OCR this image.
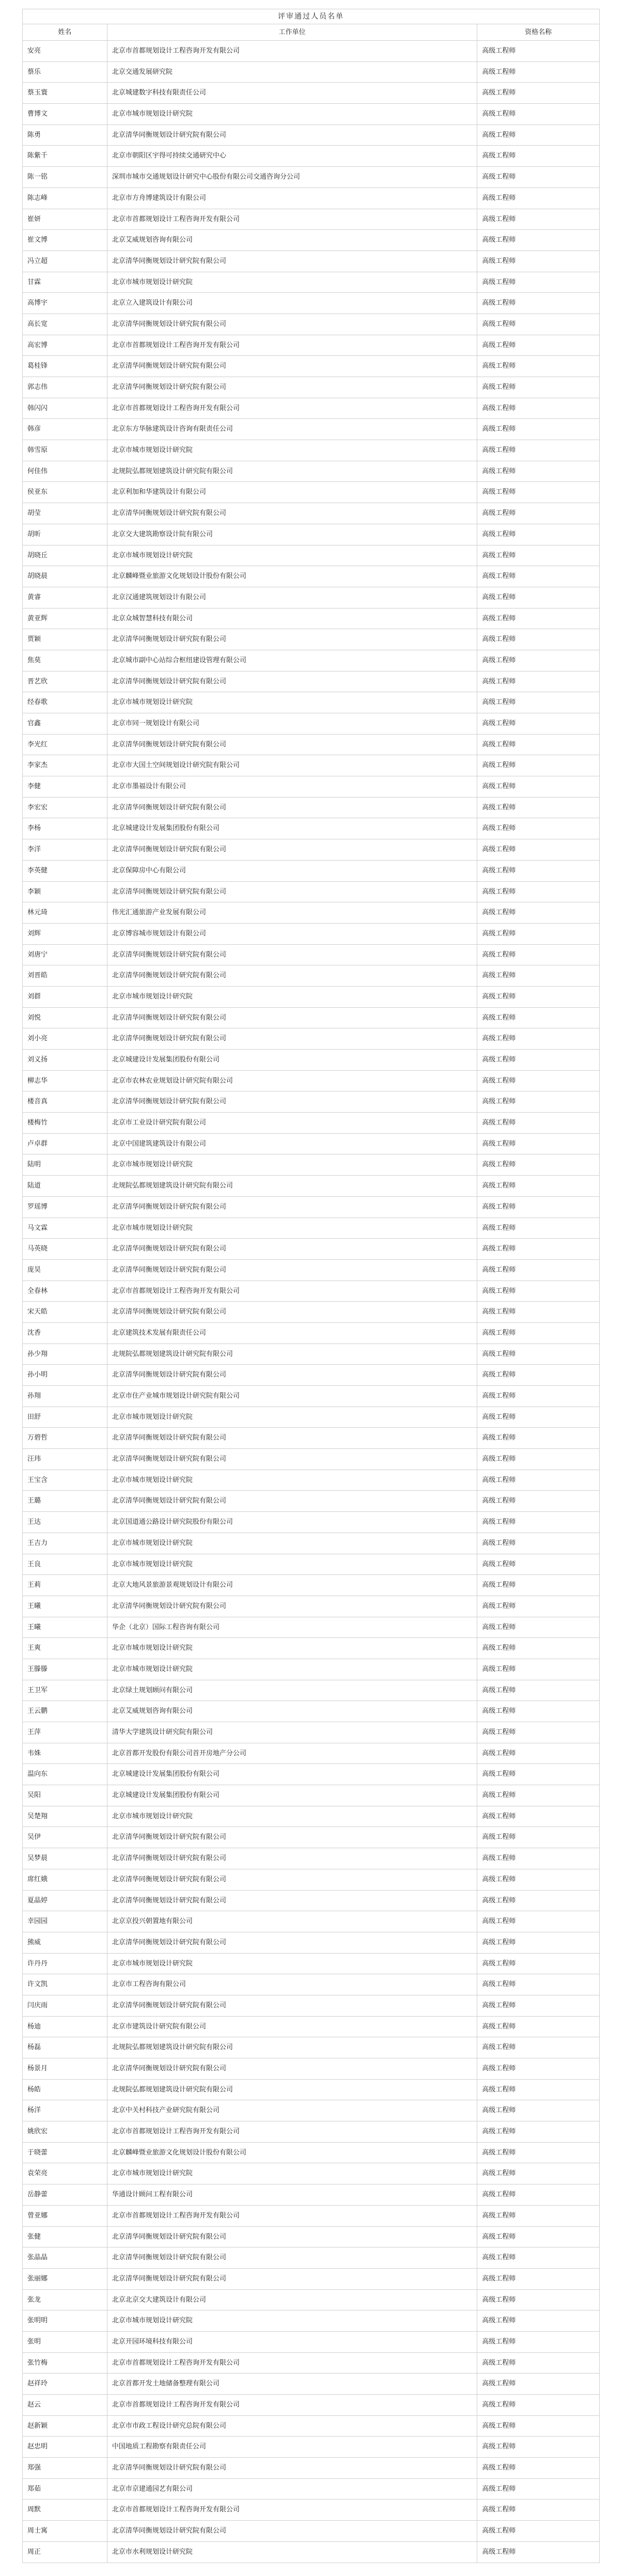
评审通过人员名单
姓名	工作单位	资格名称
安亮	北京市首都规划设计工程咨询开发有限公司	高级工程师
蔡乐	北京交通发展研究院	高级工程师
蔡玉寰	北京城建数字科技有限责任公司	高级工程师
曹博文	北京市城市规划设计研究院	高级工程师
陈勇	北京清华同衡规划设计研究院有限公司	高级工程师
陈紫千	北京市朝阳区宇得可持续交通研究中心	高级工程师
陈一铭	深圳市城市交通规划设计研究中心股份有限公司交通咨询分公司	高级工程师
陈志峰	北京市方舟博建筑设计有限公司	高级工程师
崔妍	北京市首都规划设计工程咨询开发有限公司	高级工程师
崔文博	北京艾威规划咨询有限公司	高级工程师
冯立超	北京清华同衡规划设计研究院有限公司	高级工程师
甘霖	北京市城市规划设计研究院	高级工程师
高博宇	北京立入建筑设计有限公司	高级工程师
高长宽	北京清华同衡规划设计研究院有限公司	高级工程师
高宏博	北京市首都规划设计工程咨询开发有限公司	高级工程师
葛桂锋	北京清华同衡规划设计研究院有限公司	高级工程师
郭志伟	北京清华同衡规划设计研究院有限公司	高级工程师
韩闪闪	北京市首都规划设计工程咨询开发有限公司	高级工程师
韩彦	北京东方华脉建筑设计咨询有限责任公司	高级工程师
韩雪原	北京市城市规划设计研究院	高级工程师
何佳伟	北规院弘都规划建筑设计研究院有限公司	高级工程师
侯亚东	北京利加和华建筑设计有限公司	高级工程师
胡莹	北京清华同衡规划设计研究院有限公司	高级工程师
胡昕	北京交大建筑勘察设计院有限公司	高级工程师
胡晓丘	北京市城市规划设计研究院	高级工程师
胡晓晨	北京麟峰暨业旅游文化规划设计股份有限公司	高级工程师
黄睿	北京汉通建筑规划设计有限公司	高级工程师
黄亚辉	北京众城智慧科技有限公司	高级工程师
贾颖	北京清华同衡规划设计研究院有限公司	高级工程师
焦莫	北京城市副中心站综合枢纽建设管理有限公司	高级工程师
晋艺欣	北京清华同衡规划设计研究院有限公司	高级工程师
经春歌	北京市城市规划设计研究院	高级工程师
官鑫	北京市同一规划设计有限公司	高级工程师
李光红	北京清华同衡规划设计研究院有限公司	高级工程师
李家杰	北京市大国土空间规划设计研究院有限公司	高级工程师
李健	北京市墨福设计有限公司	高级工程师
李宏宏	北京清华同衡规划设计研究院有限公司	高级工程师
李杨	北京城建设计发展集团股份有限公司	高级工程师
李洋	北京清华同衡规划设计研究院有限公司	高级工程师
李英健	北京保障房中心有限公司	高级工程师
李颖	北京清华同衡规划设计研究院有限公司	高级工程师
林元琦	伟光汇通旅游产业发展有限公司	高级工程师
刘辉	北京博容城市规划设计有限公司	高级工程师
刘唐宁	北京清华同衡规划设计研究院有限公司	高级工程师
刘晋皓	北京清华同衡规划设计研究院有限公司	高级工程师
刘群	北京市城市规划设计研究院	高级工程师
刘悦	北京清华同衡规划设计研究院有限公司	高级工程师
刘小亮	北京清华同衡规划设计研究院有限公司	高级工程师
刘义扬	北京城建设计发展集团股份有限公司	高级工程师
柳志华	北京市农林农业规划设计研究院有限公司	高级工程师
楼音真	北京清华同衡规划设计研究院有限公司	高级工程师
楼梅竹	北京市工业设计研究院有限公司	高级工程师
卢卓群	北京中国建筑建筑设计有限公司	高级工程师
陆明	北京市城市规划设计研究院	高级工程师
陆道	北规院弘都规划建筑设计研究院有限公司	高级工程师
罗瑶博	北京清华同衡规划设计研究院有限公司	高级工程师
马文霖	北京市城市规划设计研究院	高级工程师
马英晓	北京清华同衡规划设计研究院有限公司	高级工程师
庞昊	北京清华同衡规划设计研究院有限公司	高级工程师
全春林	北京市首都规划设计工程咨询开发有限公司	高级工程师
宋天皓	北京清华同衡规划设计研究院有限公司	高级工程师
沈香	北京建筑技术发展有限责任公司	高级工程师
孙少翔	北规院弘都规划建筑设计研究院有限公司	高级工程师
孙小明	北京清华同衡规划设计研究院有限公司	高级工程师
孙翔	北京市住产业城市规划设计研究院有限公司	高级工程师
田舒	北京市城市规划设计研究院	高级工程师
万碧哲	北京清华同衡规划设计研究院有限公司	高级工程师
汪玮	北京清华同衡规划设计研究院有限公司	高级工程师
王宝含	北京市城市规划设计研究院	高级工程师
王璐	北京清华同衡规划设计研究院有限公司	高级工程师
王达	北京国道通公路设计研究院股份有限公司	高级工程师
王吉力	北京市城市规划设计研究院	高级工程师
王良	北京市城市规划设计研究院	高级工程师
王莉	北京大地风景旅游景观规划设计有限公司	高级工程师
王曦	北京清华同衡规划设计研究院有限公司	高级工程师
王曦	华企（北京）国际工程咨询有限公司	高级工程师
王爽	北京市城市规划设计研究院	高级工程师
王滕滕	北京市城市规划设计研究院	高级工程师
王卫军	北京绿土规划顾问有限公司	高级工程师
王云鹏	北京艾威规划咨询有限公司	高级工程师
王萍	清华大学建筑设计研究院有限公司	高级工程师
韦姝	北京首都开发股份有限公司首开房地产分公司	高级工程师
温向东	北京城建设计发展集团股份有限公司	高级工程师
吴阳	北京城建设计发展集团股份有限公司	高级工程师
吴楚翔	北京市城市规划设计研究院	高级工程师
吴伊	北京清华同衡规划设计研究院有限公司	高级工程师
吴梦晨	北京清华同衡规划设计研究院有限公司	高级工程师
席红娥	北京清华同衡规划设计研究院有限公司	高级工程师
夏晶婷	北京清华同衡规划设计研究院有限公司	高级工程师
幸园园	北京京投兴朝置地有限公司	高级工程师
熊威	北京清华同衡规划设计研究院有限公司	高级工程师
许丹丹	北京市城市规划设计研究院	高级工程师
许文凯	北京市工程咨询有限公司	高级工程师
闫庆雨	北京清华同衡规划设计研究院有限公司	高级工程师
杨迪	北京市建筑设计研究院有限公司	高级工程师
杨磊	北规院弘都规划建筑设计研究院有限公司	高级工程师
杨景月	北京清华同衡规划设计研究院有限公司	高级工程师
杨皓	北规院弘都规划建筑设计研究院有限公司	高级工程师
杨洋	北京中关村科技产业研究院有限公司	高级工程师
姚欣宏	北京市首都规划设计工程咨询开发有限公司	高级工程师
于晓蕾	北京麟峰暨业旅游文化规划设计股份有限公司	高级工程师
袁荣亮	北京市城市规划设计研究院	高级工程师
岳静蕾	华通设计顾问工程有限公司	高级工程师
曾亚娜	北京市首都规划设计工程咨询开发有限公司	高级工程师
张健	北京清华同衡规划设计研究院有限公司	高级工程师
张晶晶	北京清华同衡规划设计研究院有限公司	高级工程师
张丽娜	北京清华同衡规划设计研究院有限公司	高级工程师
张龙	北京北京交大建筑设计有限公司	高级工程师
张明明	北京市城市规划设计研究院	高级工程师
张明	北京开园环境科技有限公司	高级工程师
张竹梅	北京市首都规划设计工程咨询开发有限公司	高级工程师
赵祥玲	北京首都开发土地储备整理有限公司	高级工程师
赵云	北京市首都规划设计工程咨询开发有限公司	高级工程师
赵新颖	北京市市政工程设计研究总院有限公司	高级工程师
赵忠明	中国地质工程勘察有限责任公司	高级工程师
郑强	北京清华同衡规划设计研究院有限公司	高级工程师
郑茹	北京市京建通园艺有限公司	高级工程师
周默	北京市首都规划设计工程咨询开发有限公司	高级工程师
周士寓	北京清华同衡规划设计研究院有限公司	高级工程师
周正	北京市水利规划设计研究院	高级工程师
